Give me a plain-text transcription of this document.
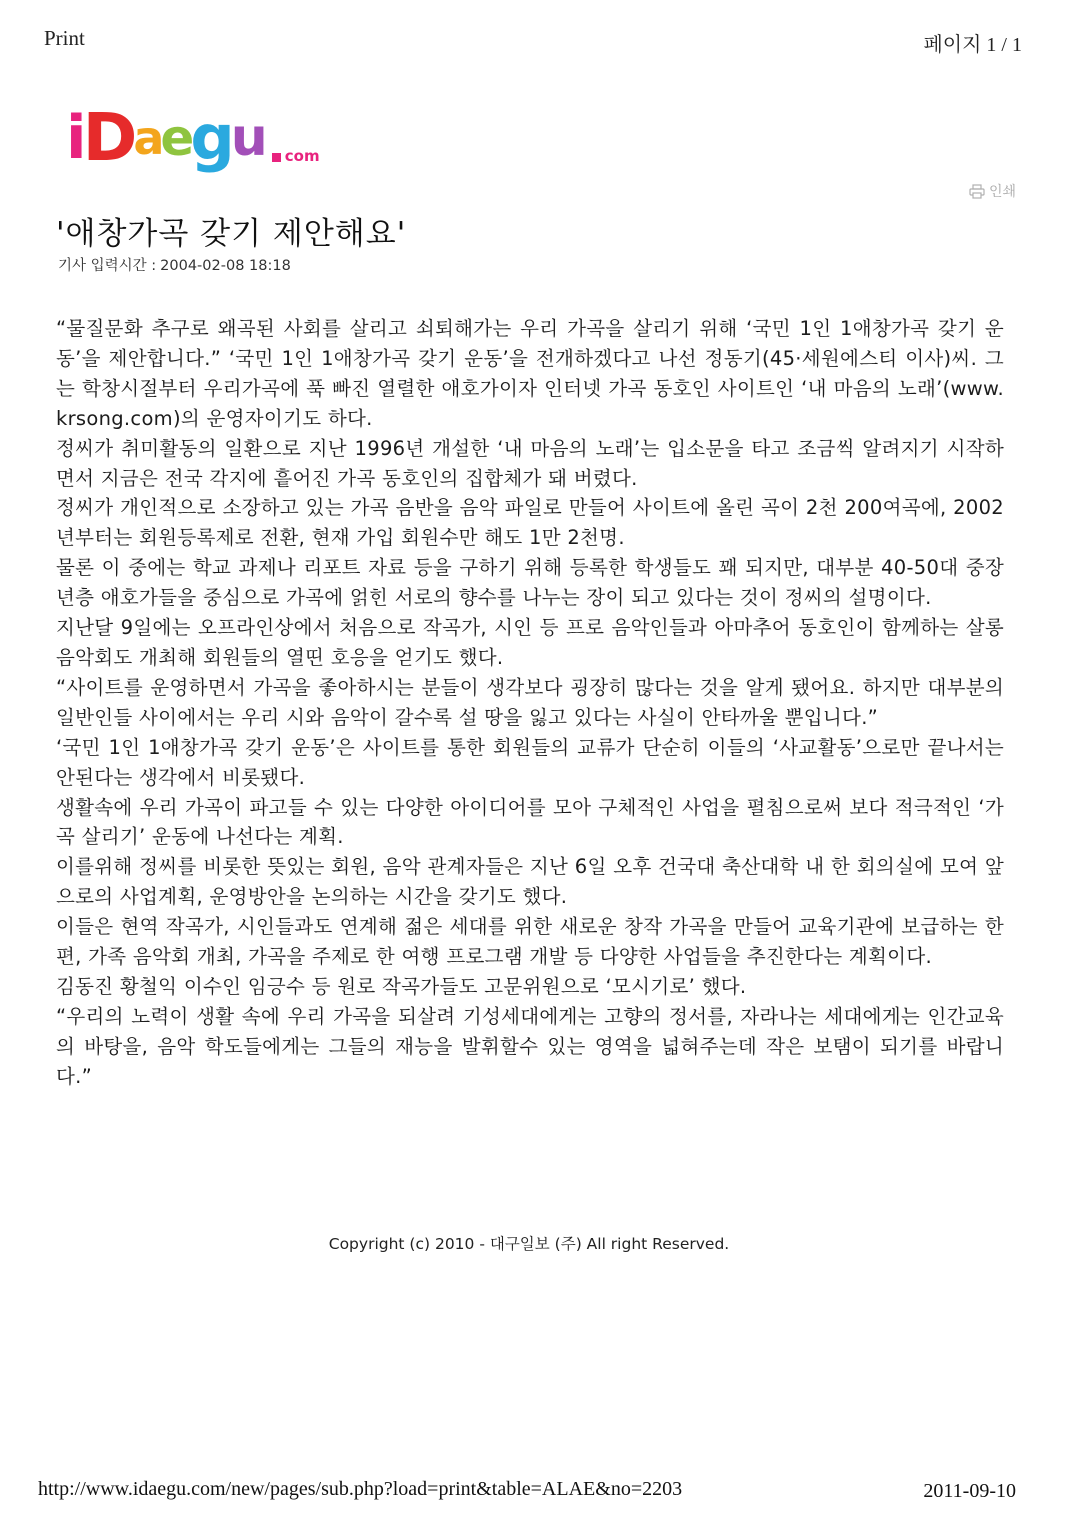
Print	페이지 1 / 1
i D a e g u com
인쇄
'애창가곡 갖기 제안해요'
기사 입력시간 : 2004-02-08 18:18

“물질문화 추구로 왜곡된 사회를 살리고 쇠퇴해가는 우리 가곡을 살리기 위해 ‘국민 1인 1애창가곡 갖기 운동’을 제안합니다.” ‘국민 1인 1애창가곡 갖기 운동’을 전개하겠다고 나선 정동기(45·세원에스티 이사)씨. 그는 학창시절부터 우리가곡에 푹 빠진 열렬한 애호가이자 인터넷 가곡 동호인 사이트인 ‘내 마음의 노래’(www.krsong.com)의 운영자이기도 하다.

정씨가 취미활동의 일환으로 지난 1996년 개설한 ‘내 마음의 노래’는 입소문을 타고 조금씩 알려지기 시작하면서 지금은 전국 각지에 흩어진 가곡 동호인의 집합체가 돼 버렸다.

정씨가 개인적으로 소장하고 있는 가곡 음반을 음악 파일로 만들어 사이트에 올린 곡이 2천 200여곡에, 2002년부터는 회원등록제로 전환, 현재 가입 회원수만 해도 1만 2천명.

물론 이 중에는 학교 과제나 리포트 자료 등을 구하기 위해 등록한 학생들도 꽤 되지만, 대부분 40-50대 중장년층 애호가들을 중심으로 가곡에 얽힌 서로의 향수를 나누는 장이 되고 있다는 것이 정씨의 설명이다.

지난달 9일에는 오프라인상에서 처음으로 작곡가, 시인 등 프로 음악인들과 아마추어 동호인이 함께하는 살롱음악회도 개최해 회원들의 열띤 호응을 얻기도 했다.

“사이트를 운영하면서 가곡을 좋아하시는 분들이 생각보다 굉장히 많다는 것을 알게 됐어요. 하지만 대부분의 일반인들 사이에서는 우리 시와 음악이 갈수록 설 땅을 잃고 있다는 사실이 안타까울 뿐입니다.”

‘국민 1인 1애창가곡 갖기 운동’은 사이트를 통한 회원들의 교류가 단순히 이들의 ‘사교활동’으로만 끝나서는 안된다는 생각에서 비롯됐다.

생활속에 우리 가곡이 파고들 수 있는 다양한 아이디어를 모아 구체적인 사업을 펼침으로써 보다 적극적인 ‘가곡 살리기’ 운동에 나선다는 계획.

이를위해 정씨를 비롯한 뜻있는 회원, 음악 관계자들은 지난 6일 오후 건국대 축산대학 내 한 회의실에 모여 앞으로의 사업계획, 운영방안을 논의하는 시간을 갖기도 했다.

이들은 현역 작곡가, 시인들과도 연계해 젊은 세대를 위한 새로운 창작 가곡을 만들어 교육기관에 보급하는 한편, 가족 음악회 개최, 가곡을 주제로 한 여행 프로그램 개발 등 다양한 사업들을 추진한다는 계획이다.

김동진 황철익 이수인 임긍수 등 원로 작곡가들도 고문위원으로 ‘모시기로’ 했다.

“우리의 노력이 생활 속에 우리 가곡을 되살려 기성세대에게는 고향의 정서를, 자라나는 세대에게는 인간교육의 바탕을, 음악 학도들에게는 그들의 재능을 발휘할수 있는 영역을 넓혀주는데 작은 보탬이 되기를 바랍니다.”

Copyright (c) 2010 - 대구일보 (주) All right Reserved.
http://www.idaegu.com/new/pages/sub.php?load=print&table=ALAE&no=2203	2011-09-10
